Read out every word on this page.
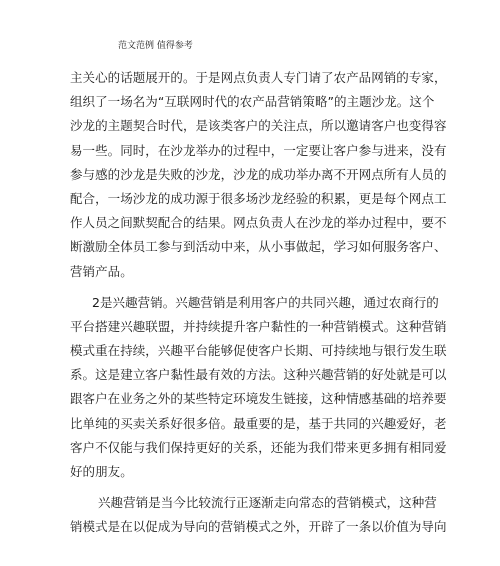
范文范例 值得参考
主关心的话题展开的。于是网点负责人专门请了农产品网销的专家，
组织了一场名为“互联网时代的农产品营销策略”的主题沙龙。这个
沙龙的主题契合时代，是该类客户的关注点，所以邀请客户也变得容
易一些。同时，在沙龙举办的过程中，一定要让客户参与进来，没有
参与感的沙龙是失败的沙龙，沙龙的成功举办离不开网点所有人员的
配合，一场沙龙的成功源于很多场沙龙经验的积累，更是每个网点工
作人员之间默契配合的结果。网点负责人在沙龙的举办过程中，要不
断激励全体员工参与到活动中来，从小事做起，学习如何服务客户、
营销产品。
2是兴趣营销。兴趣营销是利用客户的共同兴趣，通过农商行的
平台搭建兴趣联盟，并持续提升客户黏性的一种营销模式。这种营销
模式重在持续，兴趣平台能够促使客户长期、可持续地与银行发生联
系。这是建立客户黏性最有效的方法。这种兴趣营销的好处就是可以
跟客户在业务之外的某些特定环境发生链接，这种情感基础的培养要
比单纯的买卖关系好很多倍。最重要的是，基于共同的兴趣爱好，老
客户不仅能与我们保持更好的关系，还能为我们带来更多拥有相同爱
好的朋友。
兴趣营销是当今比较流行正逐渐走向常态的营销模式，这种营
销模式是在以促成为导向的营销模式之外，开辟了一条以价值为导向
